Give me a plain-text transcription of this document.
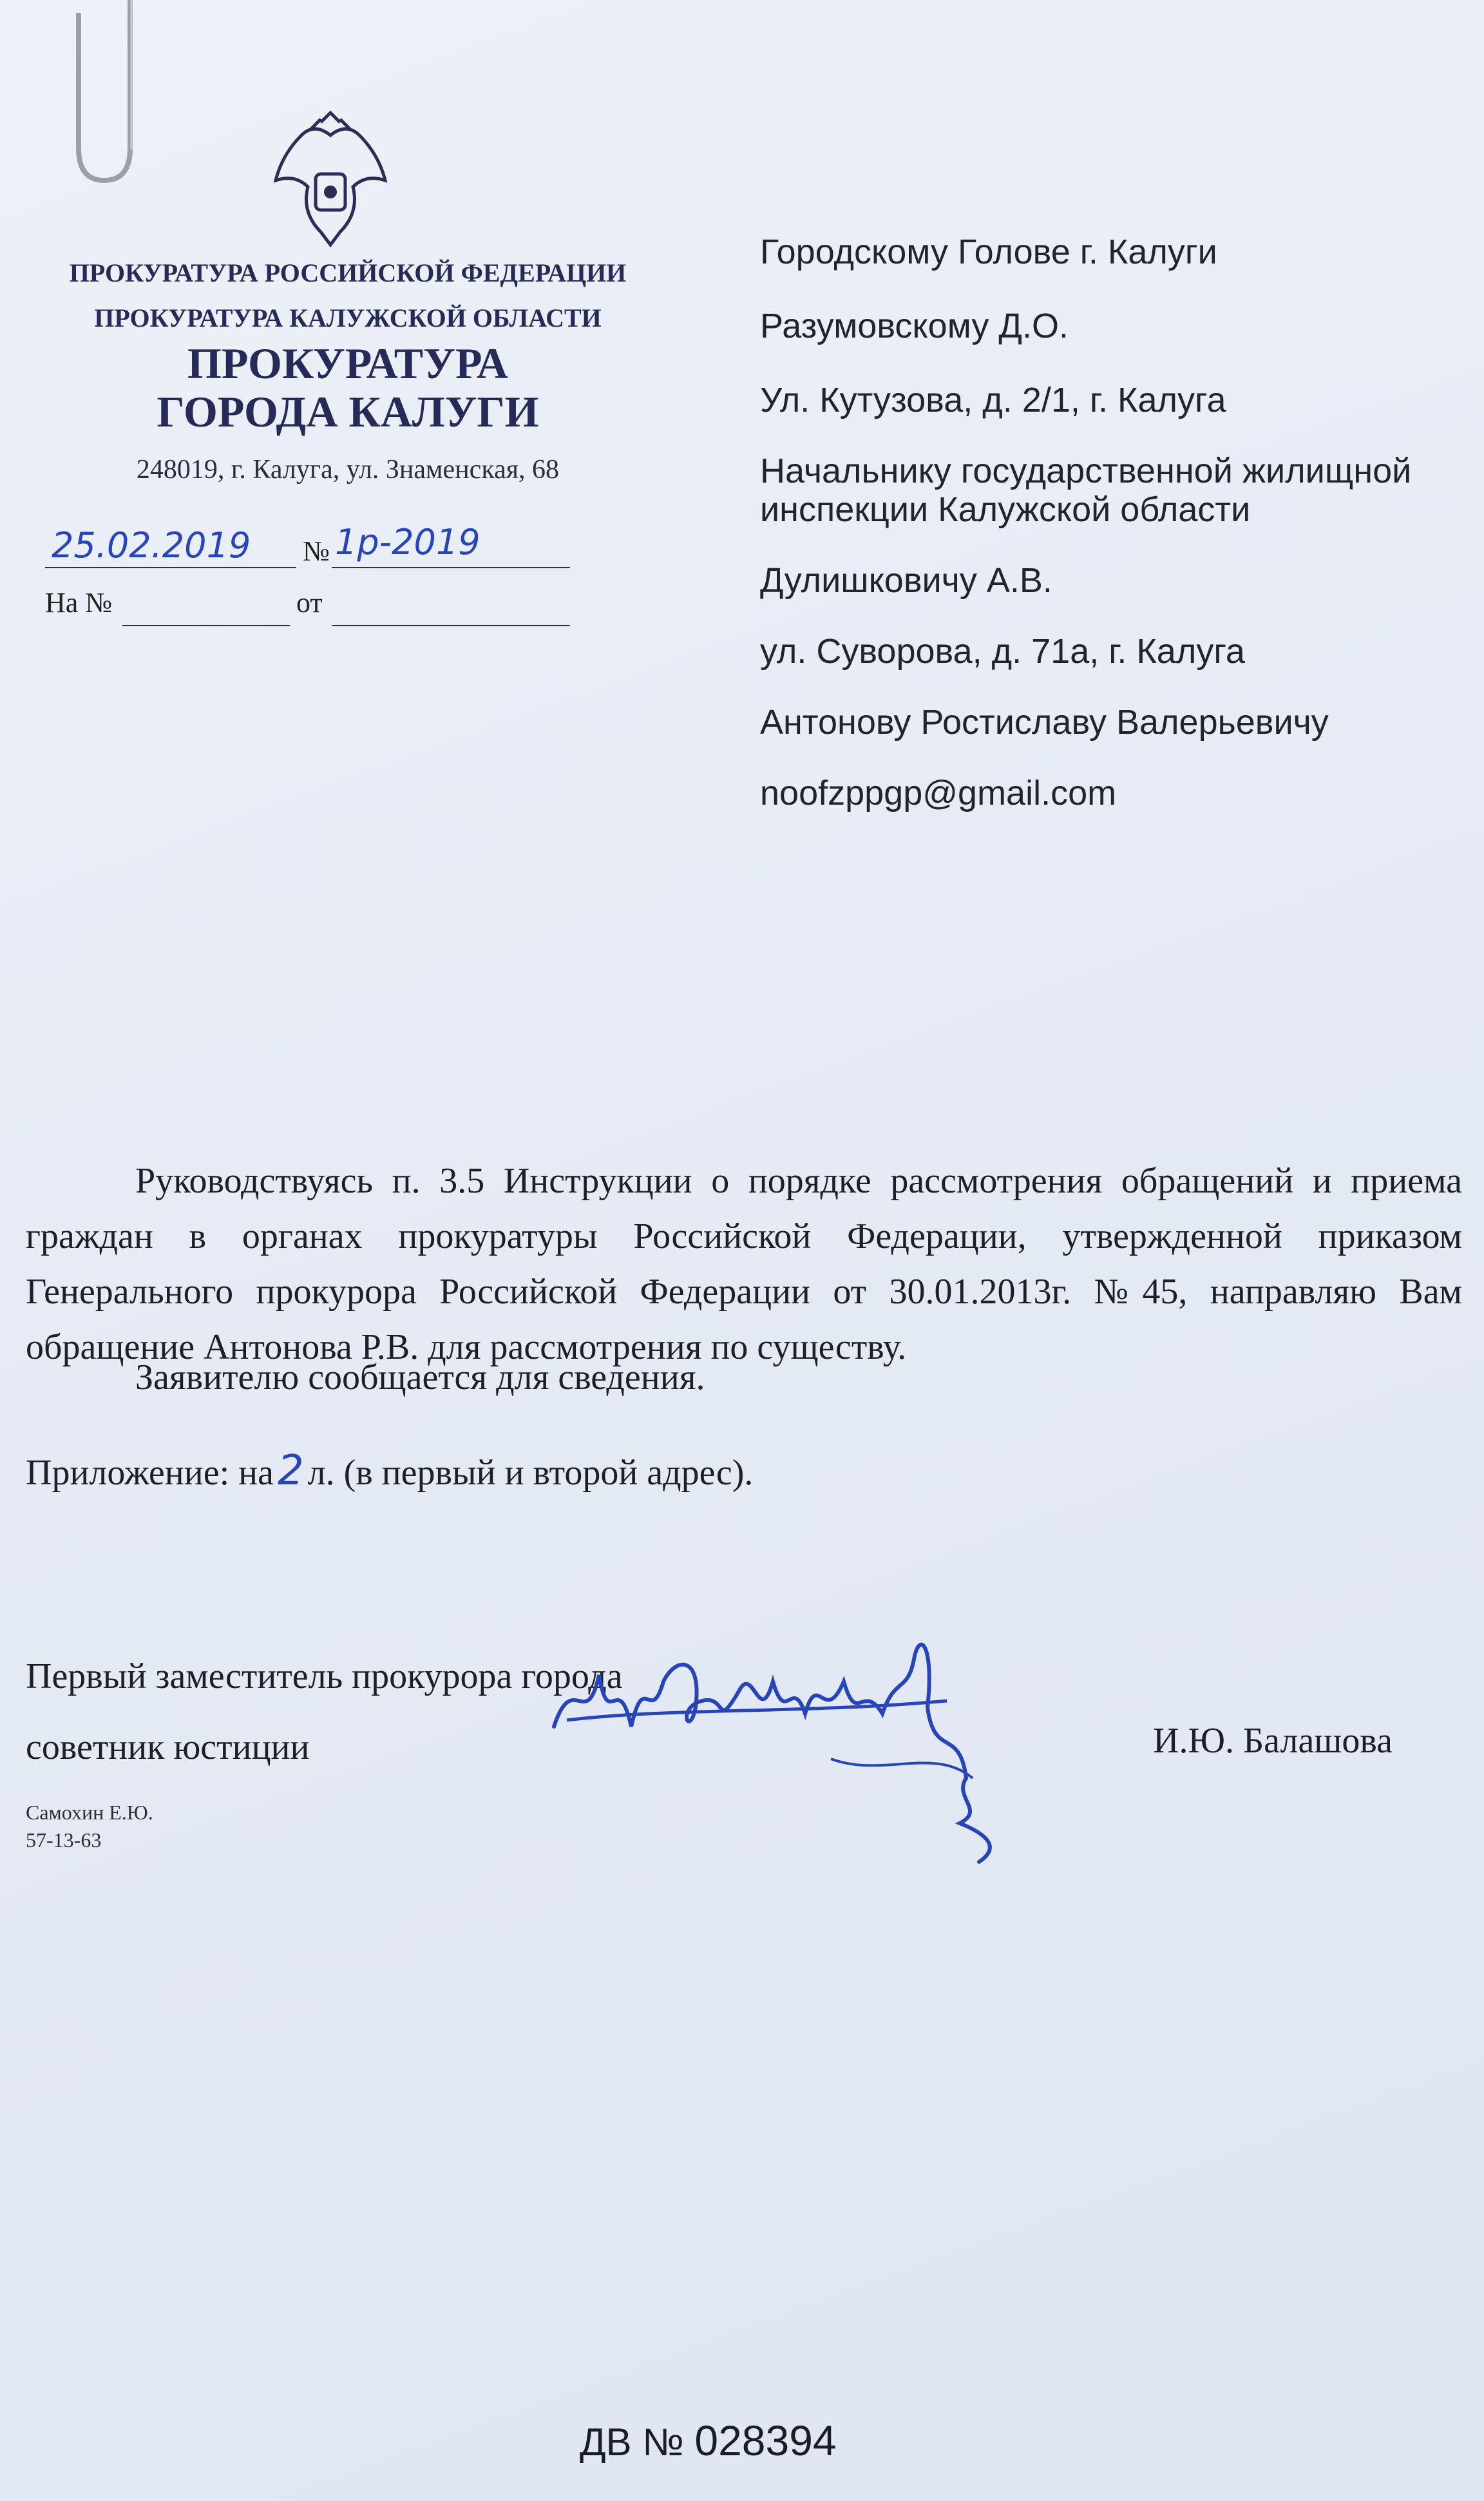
ПРОКУРАТУРА РОССИЙСКОЙ ФЕДЕРАЦИИ
ПРОКУРАТУРА КАЛУЖСКОЙ ОБЛАСТИ
ПРОКУРАТУРА
ГОРОДА КАЛУГИ
248019, г. Калуга, ул. Знаменская, 68
25.02.2019 № 1р-2019
На №	от
Городскому Голове г. Калуги
Разумовскому Д.О.
Ул. Кутузова, д. 2/1, г. Калуга
Начальнику государственной жилищной
инспекции Калужской области
Дулишковичу А.В.
ул. Суворова, д. 71а, г. Калуга
Антонову Ростиславу Валерьевичу
noofzppgp@gmail.com
Руководствуясь п. 3.5 Инструкции о порядке рассмотрения обращений и приема граждан в органах прокуратуры Российской Федерации, утвержденной приказом Генерального прокурора Российской Федерации от 30.01.2013г. №45, направляю Вам обращение Антонова Р.В. для рассмотрения по существу.
Заявителю сообщается для сведения.
Приложение: на2 л. (в первый и второй адрес).
Первый заместитель прокурора города
советник юстиции	И.Ю. Балашова
Самохин Е.Ю.
57-13-63
ДВ № 028394
